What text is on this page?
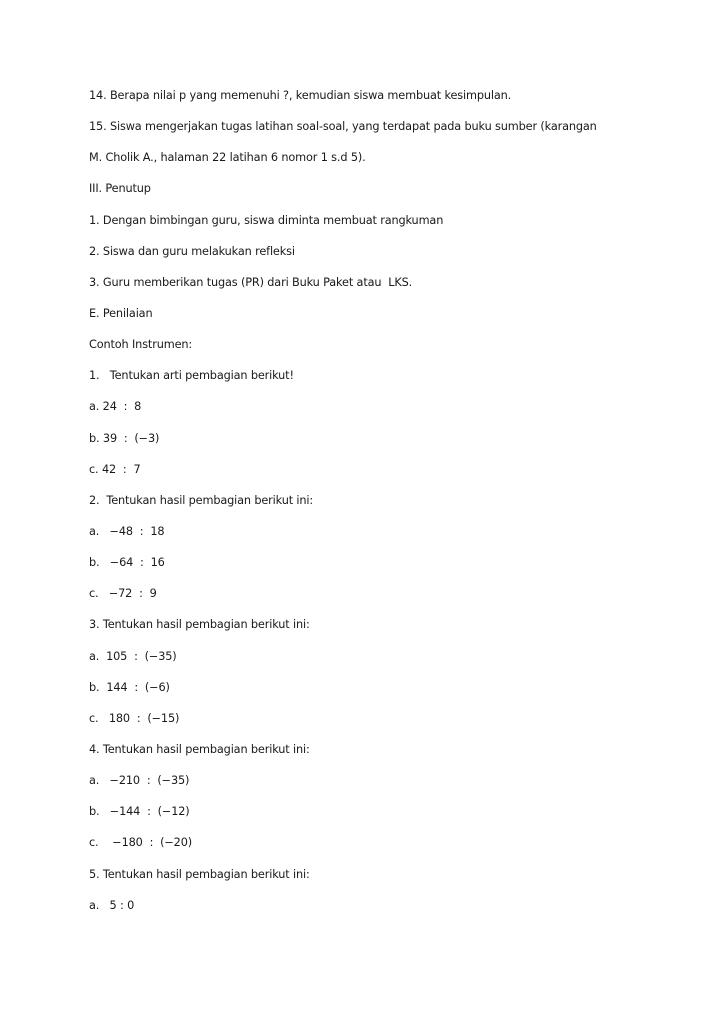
14. Berapa nilai p yang memenuhi ?, kemudian siswa membuat kesimpulan.
15. Siswa mengerjakan tugas latihan soal-soal, yang terdapat pada buku sumber (karangan
M. Cholik A., halaman 22 latihan 6 nomor 1 s.d 5).
III. Penutup
1. Dengan bimbingan guru, siswa diminta membuat rangkuman
2. Siswa dan guru melakukan refleksi
3. Guru memberikan tugas (PR) dari Buku Paket atau  LKS.
E. Penilaian
Contoh Instrumen:
1.   Tentukan arti pembagian berikut!
a. 24  :  8
b. 39  :  (−3)
c. 42  :  7
2.  Tentukan hasil pembagian berikut ini:
a.   −48  :  18
b.   −64  :  16
c.   −72  :  9
3. Tentukan hasil pembagian berikut ini:
a.  105  :  (−35)
b.  144  :  (−6)
c.   180  :  (−15)
4. Tentukan hasil pembagian berikut ini:
a.   −210  :  (−35)
b.   −144  :  (−12)
c.    −180  :  (−20)
5. Tentukan hasil pembagian berikut ini:
a.   5 : 0
